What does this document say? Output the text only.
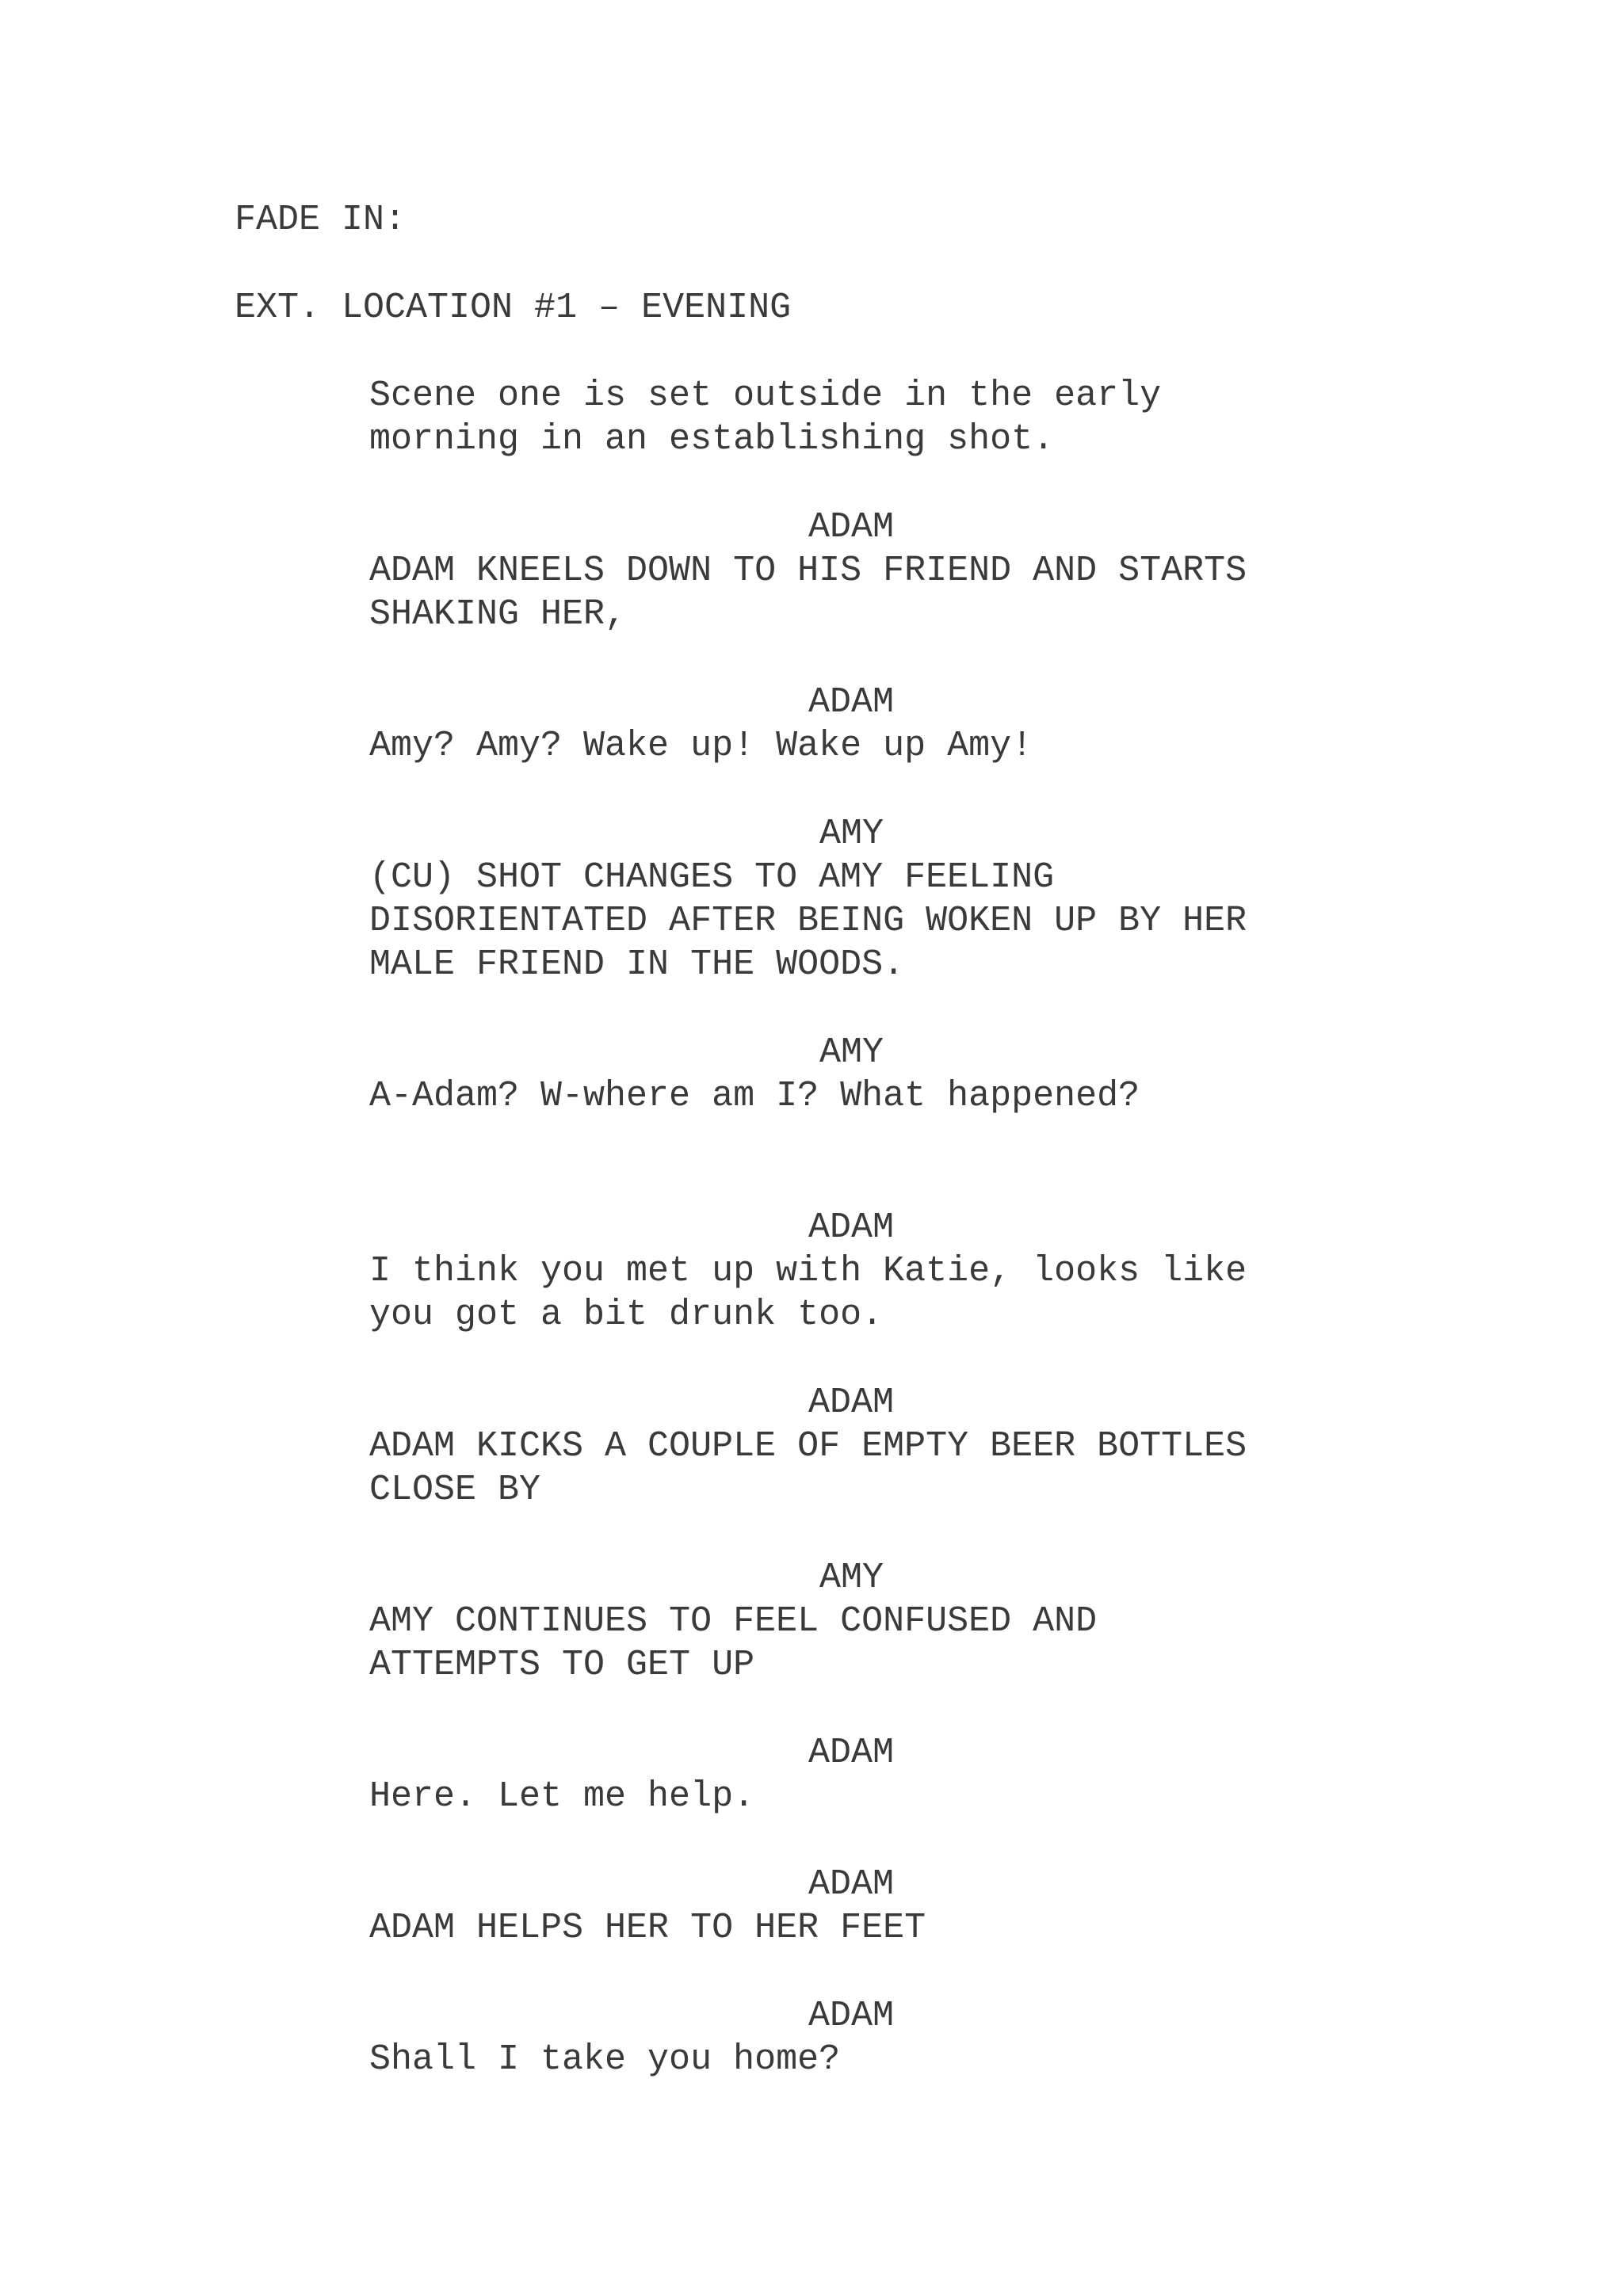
FADE IN:

EXT. LOCATION #1 – EVENING

Scene one is set outside in the early

morning in an establishing shot.

ADAM

ADAM KNEELS DOWN TO HIS FRIEND AND STARTS

SHAKING HER,

ADAM

Amy? Amy? Wake up! Wake up Amy!

AMY

(CU) SHOT CHANGES TO AMY FEELING

DISORIENTATED AFTER BEING WOKEN UP BY HER

MALE FRIEND IN THE WOODS.

AMY

A-Adam? W-where am I? What happened?

ADAM

I think you met up with Katie, looks like

you got a bit drunk too.

ADAM

ADAM KICKS A COUPLE OF EMPTY BEER BOTTLES

CLOSE BY

AMY

AMY CONTINUES TO FEEL CONFUSED AND

ATTEMPTS TO GET UP

ADAM

Here. Let me help.

ADAM

ADAM HELPS HER TO HER FEET

ADAM

Shall I take you home?
